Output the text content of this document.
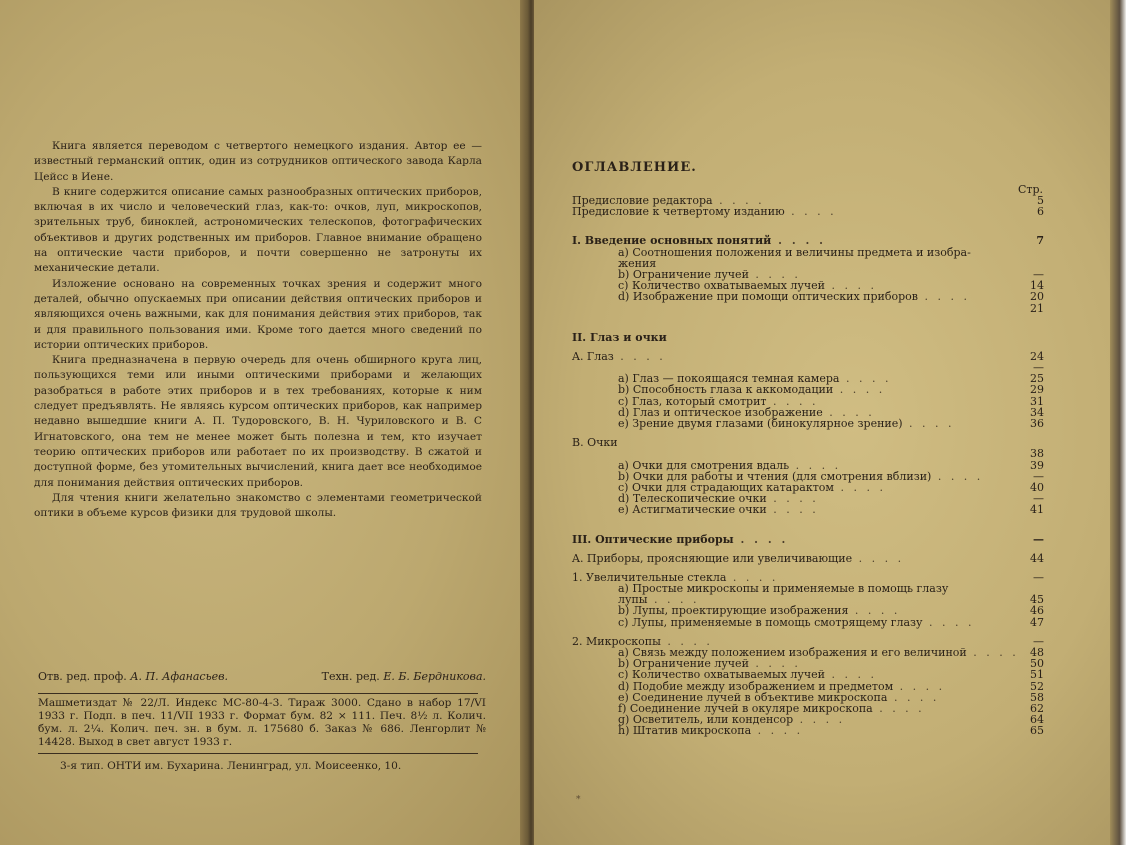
Книга является переводом с четвертого немецкого издания. Автор ее — известный германский оптик, один из сотрудников оптического завода Карла Цейсс в Иене.

В книге содержится описание самых разнообразных оптических приборов, включая в их число и человеческий глаз, как-то: очков, луп, микроскопов, зрительных труб, биноклей, астрономических телескопов, фотографических объективов и других родственных им приборов. Главное внимание обращено на оптические части приборов, и почти совершенно не затронуты их механические детали.

Изложение основано на современных точках зрения и содержит много деталей, обычно опускаемых при описании действия оптических приборов и являющихся очень важными, как для понимания действия этих приборов, так и для правильного пользования ими. Кроме того дается много сведений по истории оптических приборов.

Книга предназначена в первую очередь для очень обширного круга лиц, пользующихся теми или иными оптическими приборами и желающих разобраться в работе этих приборов и в тех требованиях, которые к ним следует предъявлять. Не являясь курсом оптических приборов, как например недавно вышедшие книги А. П. Тудоровского, В. Н. Чуриловского и В. С Игнатовского, она тем не менее может быть полезна и тем, кто изучает теорию оптических приборов или работает по их производству. В сжатой и доступной форме, без утомительных вычислений, книга дает все необходимое для понимания действия оптических приборов.

Для чтения книги желательно знакомство с элементами геометрической оптики в объеме курсов физики для трудовой школы.

Отв. ред. проф. А. П. Афанасьев.	Техн. ред. Е. Б. Бердникова.
Машметиздат № 22/Л. Индекс МС-80-4-3. Тираж 3000. Сдано в набор 17/VI 1933 г. Подп. в печ. 11/VII 1933 г. Формат бум. 82 × 111. Печ. 8½ л. Колич. бум. л. 2¼. Колич. печ. зн. в бум. л. 175680 б. Заказ № 686. Ленгорлит № 14428. Выход в свет август 1933 г.
3-я тип. ОНТИ им. Бухарина. Ленинград, ул. Моисеенко, 10.
ОГЛАВЛЕНИЕ.
Стр.
Предисловие редактора . . . .	5
Предисловие к четвертому изданию . . . .	6
I. Введение основных понятий . . . .	7
a) Соотношения положения и величины предмета и изобра-
жения
b) Ограничение лучей . . . .	—
c) Количество охватываемых лучей . . . .	14
d) Изображение при помощи оптических приборов . . . .	20
21
II. Глаз и очки
A. Глаз . . . .	24
—
a) Глаз — покоящаяся темная камера . . . .	25
b) Способность глаза к аккомодации . . . .	29
c) Глаз, который смотрит . . . .	31
d) Глаз и оптическое изображение . . . .	34
e) Зрение двумя глазами (бинокулярное зрение) . . . .	36
B. Очки
38
a) Очки для смотрения вдаль . . . .	39
b) Очки для работы и чтения (для смотрения вблизи) . . . .	—
c) Очки для страдающих катарактом . . . .	40
d) Телескопические очки . . . .	—
e) Астигматические очки . . . .	41
III. Оптические приборы . . . .	—
A. Приборы, проясняющие или увеличивающие . . . .	44
1. Увеличительные стекла . . . .	—
a) Простые микроскопы и применяемые в помощь глазу
лупы . . . .	45
b) Лупы, проектирующие изображения . . . .	46
c) Лупы, применяемые в помощь смотрящему глазу . . . .	47
2. Микроскопы . . . .	—
a) Связь между положением изображения и его величиной . . . . 48
b) Ограничение лучей . . . .	50
c) Количество охватываемых лучей . . . .	51
d) Подобие между изображением и предметом . . . .	52
e) Соединение лучей в объективе микроскопа . . . .	58
f) Соединение лучей в окуляре микроскопа . . . .	62
g) Осветитель, или конденсор . . . .	64
h) Штатив микроскопа . . . .	65
*
